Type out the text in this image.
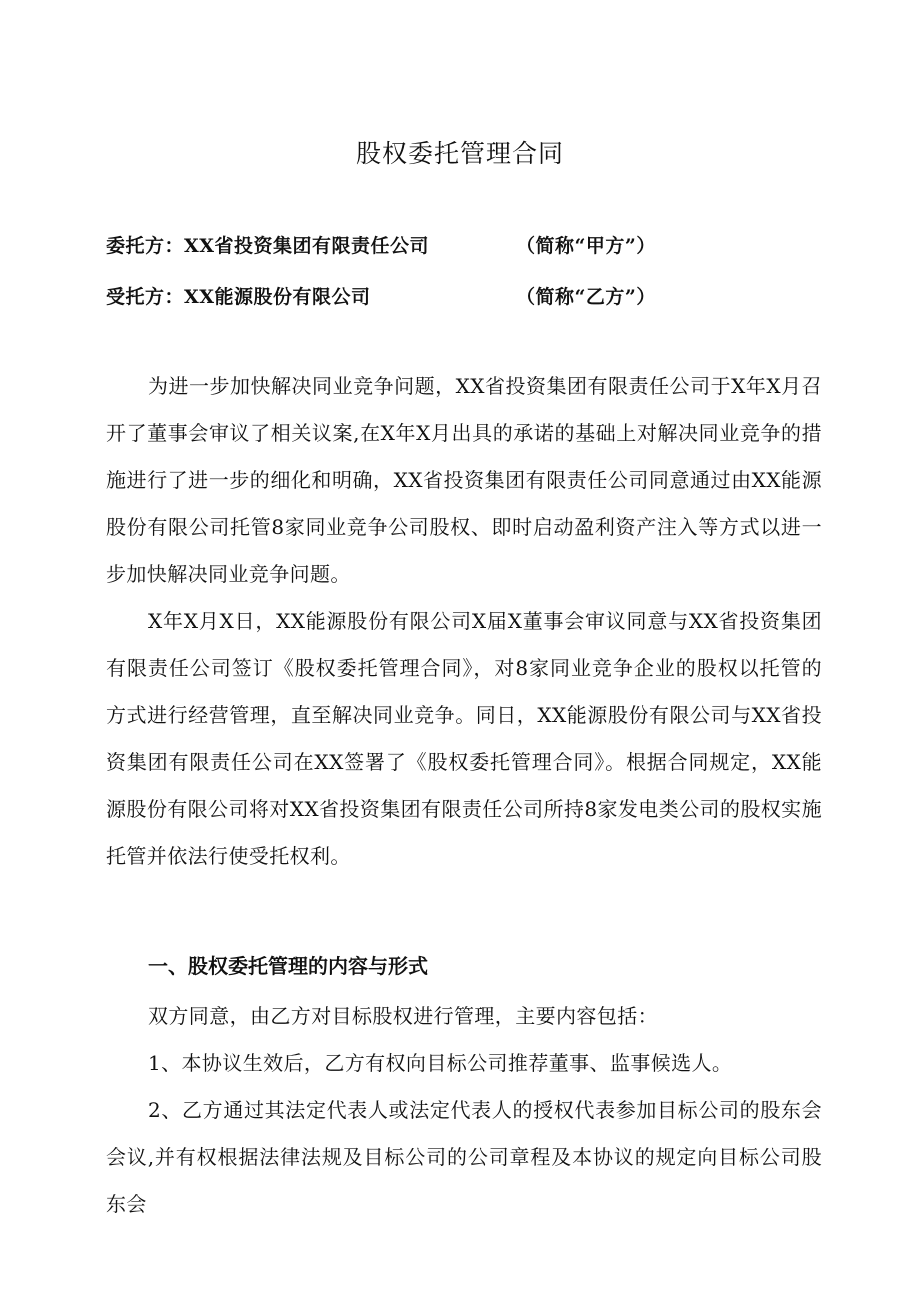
股权委托管理合同
委托方：XX省投资集团有限责任公司	（简称“甲方”）
受托方：XX能源股份有限公司	（简称“乙方”）

为进一步加快解决同业竞争问题，XX省投资集团有限责任公司于X年X月召开了董事会审议了相关议案,在X年X月出具的承诺的基础上对解决同业竞争的措施进行了进一步的细化和明确，XX省投资集团有限责任公司同意通过由XX能源股份有限公司托管8家同业竞争公司股权、即时启动盈利资产注入等方式以进一步加快解决同业竞争问题。

X年X月X日，XX能源股份有限公司X届X董事会审议同意与XX省投资集团有限责任公司签订《股权委托管理合同》，对8家同业竞争企业的股权以托管的方式进行经营管理，直至解决同业竞争。同日，XX能源股份有限公司与XX省投资集团有限责任公司在XX签署了《股权委托管理合同》。根据合同规定，XX能源股份有限公司将对XX省投资集团有限责任公司所持8家发电类公司的股权实施托管并依法行使受托权利。

一、股权委托管理的内容与形式

双方同意，由乙方对目标股权进行管理，主要内容包括：

1、本协议生效后，乙方有权向目标公司推荐董事、监事候选人。

2、乙方通过其法定代表人或法定代表人的授权代表参加目标公司的股东会会议,并有权根据法律法规及目标公司的公司章程及本协议的规定向目标公司股东会
